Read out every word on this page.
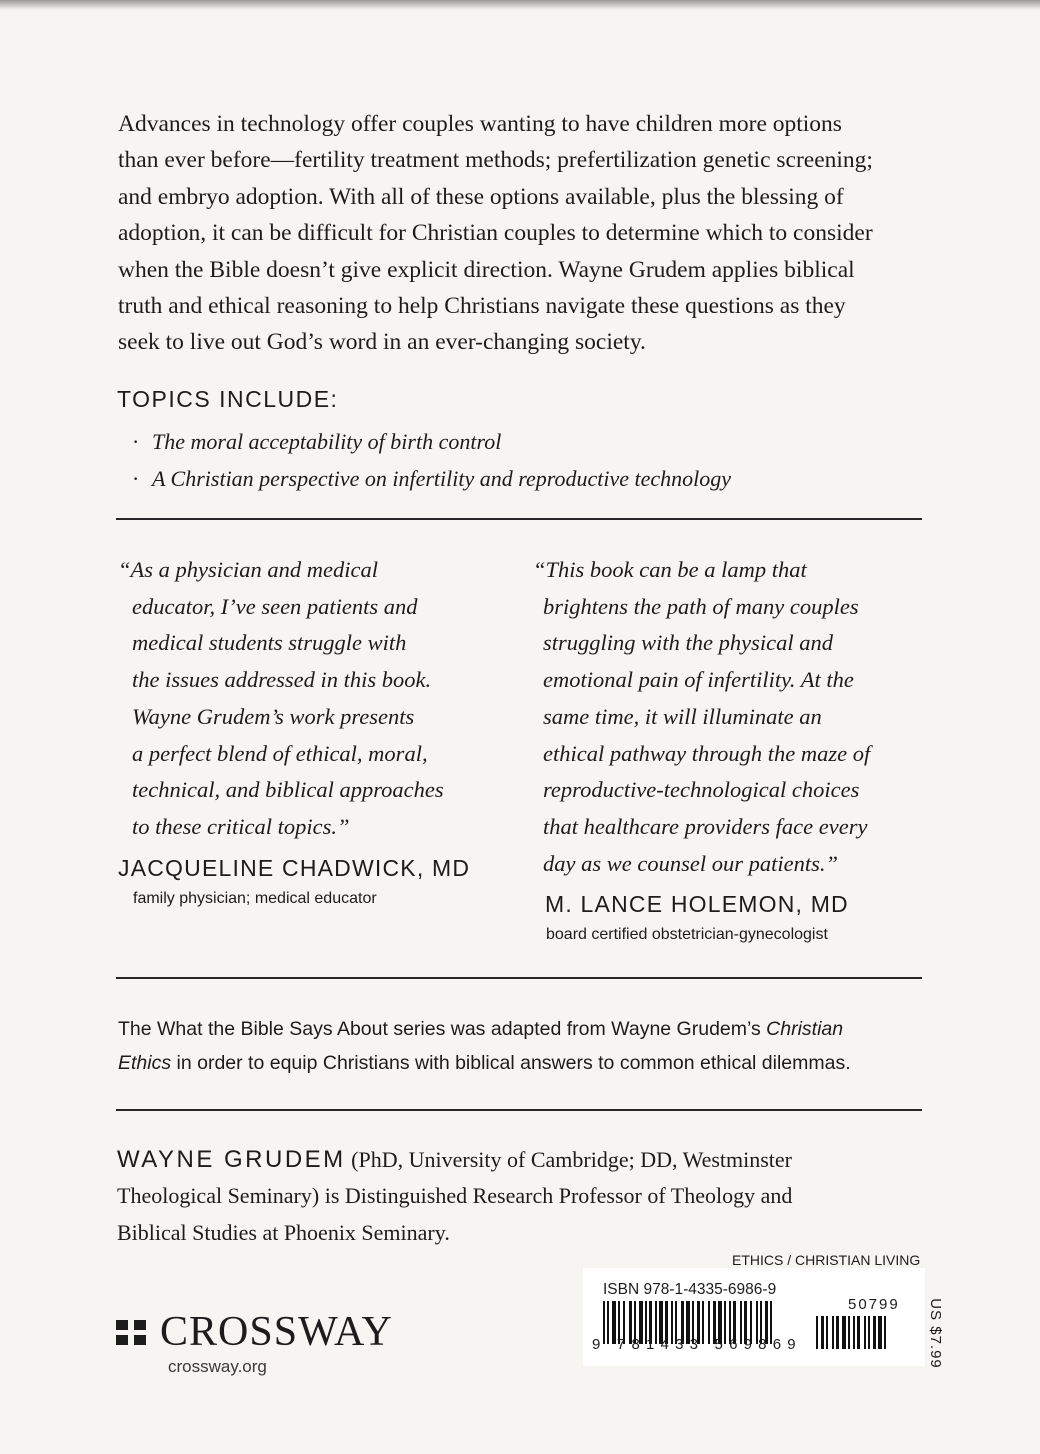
Advances in technology offer couples wanting to have children more options
than ever before—fertility treatment methods; prefertilization genetic screening;
and embryo adoption. With all of these options available, plus the blessing of
adoption, it can be difficult for Christian couples to determine which to consider
when the Bible doesn’t give explicit direction. Wayne Grudem applies biblical
truth and ethical reasoning to help Christians navigate these questions as they
seek to live out God’s word in an ever-changing society.

TOPICS INCLUDE:
· The moral acceptability of birth control
· A Christian perspective on infertility and reproductive technology

“As a physician and medical
educator, I’ve seen patients and
medical students struggle with
the issues addressed in this book.
Wayne Grudem’s work presents
a perfect blend of ethical, moral,
technical, and biblical approaches
to these critical topics.”

JACQUELINE CHADWICK, MD

family physician; medical educator

“This book can be a lamp that
brightens the path of many couples
struggling with the physical and
emotional pain of infertility. At the
same time, it will illuminate an
ethical pathway through the maze of
reproductive-technological choices
that healthcare providers face every
day as we counsel our patients.”

M. LANCE HOLEMON, MD

board certified obstetrician-gynecologist

The What the Bible Says About series was adapted from Wayne Grudem’s Christian
Ethics in order to equip Christians with biblical answers to common ethical dilemmas.

WAYNE GRUDEM (PhD, University of Cambridge; DD, Westminster
Theological Seminary) is Distinguished Research Professor of Theology and
Biblical Studies at Phoenix Seminary.

ETHICS / CHRISTIAN LIVING

CROSSWAY

crossway.org

ISBN 978-1-4335-6986-9

50799 US $7.99

9 781433 569869
